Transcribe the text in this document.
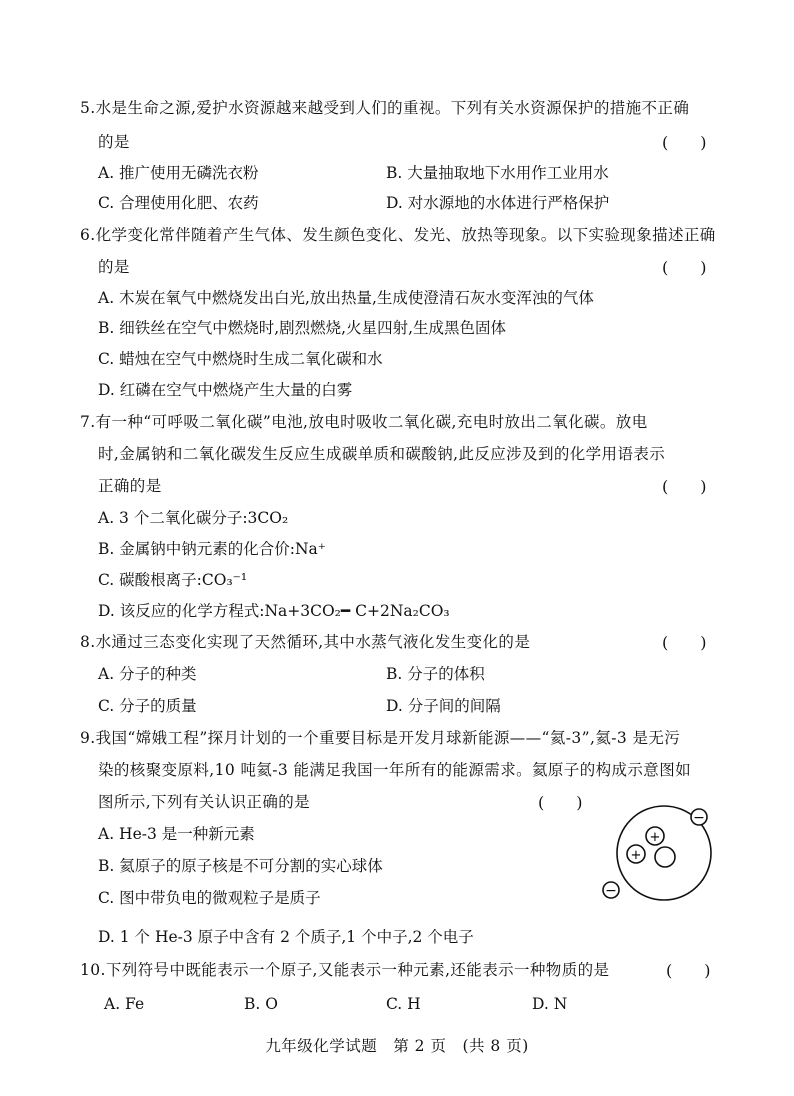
5.水是生命之源,爱护水资源越来越受到人们的重视。下列有关水资源保护的措施不正确
的是	(　　)
A. 推广使用无磷洗衣粉	B. 大量抽取地下水用作工业用水
C. 合理使用化肥、农药	D. 对水源地的水体进行严格保护
6.化学变化常伴随着产生气体、发生颜色变化、发光、放热等现象。以下实验现象描述正确
的是	(　　)
A. 木炭在氧气中燃烧发出白光,放出热量,生成使澄清石灰水变浑浊的气体
B. 细铁丝在空气中燃烧时,剧烈燃烧,火星四射,生成黑色固体
C. 蜡烛在空气中燃烧时生成二氧化碳和水
D. 红磷在空气中燃烧产生大量的白雾
7.有一种“可呼吸二氧化碳”电池,放电时吸收二氧化碳,充电时放出二氧化碳。放电
时,金属钠和二氧化碳发生反应生成碳单质和碳酸钠,此反应涉及到的化学用语表示
正确的是	(　　)
A. 3 个二氧化碳分子:3CO₂
B. 金属钠中钠元素的化合价:Na⁺
C. 碳酸根离子:CO₃⁻¹
D. 该反应的化学方程式:Na+3CO₂━ C+2Na₂CO₃
8.水通过三态变化实现了天然循环,其中水蒸气液化发生变化的是	(　　)
A. 分子的种类	B. 分子的体积
C. 分子的质量	D. 分子间的间隔
9.我国“嫦娥工程”探月计划的一个重要目标是开发月球新能源——“氦-3”,氦-3 是无污
染的核聚变原料,10 吨氦-3 能满足我国一年所有的能源需求。氦原子的构成示意图如
图所示,下列有关认识正确的是	(　　)
A. He-3 是一种新元素
B. 氦原子的原子核是不可分割的实心球体
C. 图中带负电的微观粒子是质子
D. 1 个 He-3 原子中含有 2 个质子,1 个中子,2 个电子
−
−
+
+
10.下列符号中既能表示一个原子,又能表示一种元素,还能表示一种物质的是	(　　)
A. Fe	B. O	C. H	D. N
九年级化学试题　第 2 页　(共 8 页)
